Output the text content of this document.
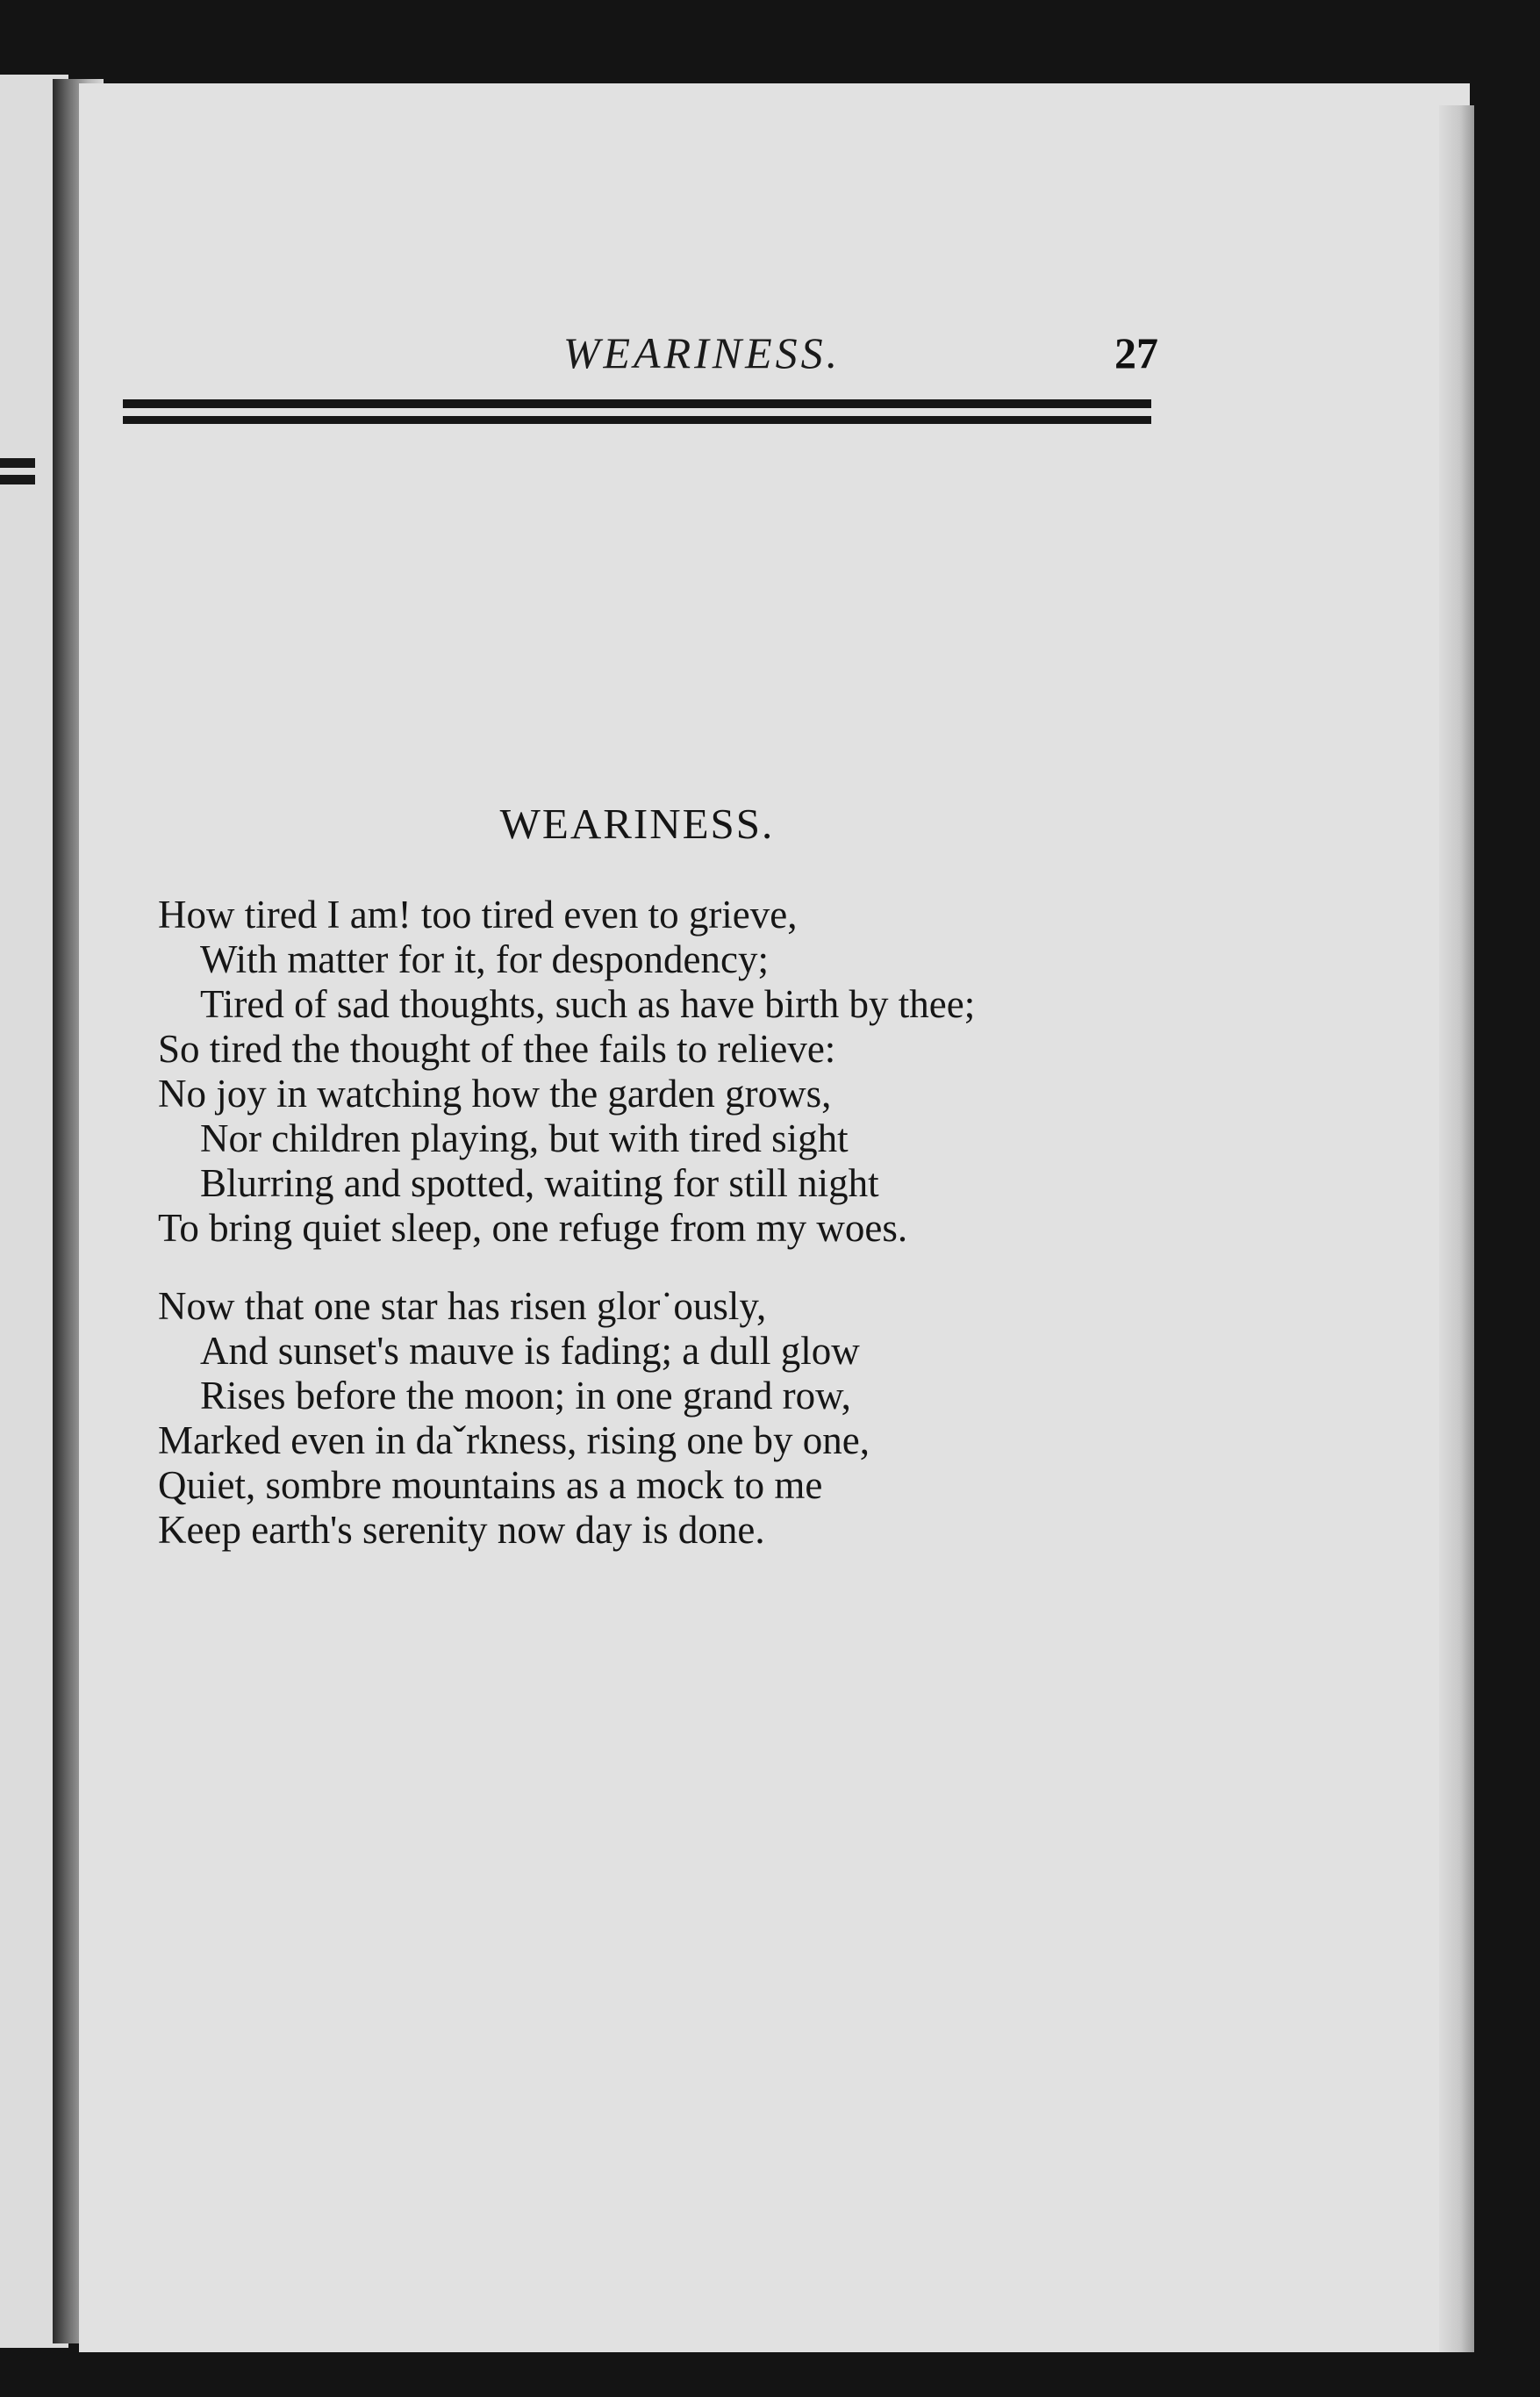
WEARINESS.	27
WEARINESS.
How tired I am! too tired even to grieve,
With matter for it, for despondency;
Tired of sad thoughts, such as have birth by thee;
So tired the thought of thee fails to relieve:
No joy in watching how the garden grows,
Nor children playing, but with tired sight
Blurring and spotted, waiting for still night
To bring quiet sleep, one refuge from my woes.
Now that one star has risen glor˙ously,
And sunset's mauve is fading; a dull glow
Rises before the moon; in one grand row,
Marked even in daˇrkness, rising one by one,
Quiet, sombre mountains as a mock to me
Keep earth's serenity now day is done.
